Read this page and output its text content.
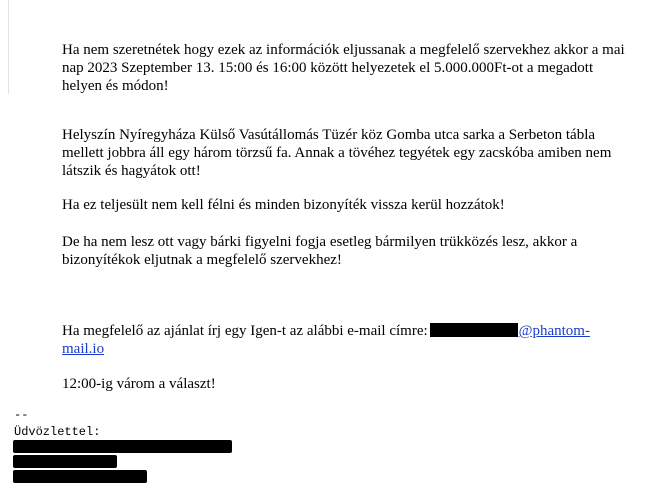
Ha nem szeretnétek hogy ezek az információk eljussanak a megfelelő szervekhez akkor a mai nap 2023 Szeptember 13. 15:00 és 16:00 között helyezetek el 5.000.000Ft-ot a megadott helyen és módon!

Helyszín Nyíregyháza Külső Vasútállomás Tüzér köz Gomba utca sarka a Serbeton tábla mellett jobbra áll egy három törzsű fa. Annak a tövéhez tegyétek egy zacskóba amiben nem látszik és hagyátok ott!

Ha ez teljesült nem kell félni és minden bizonyíték vissza kerül hozzátok!

De ha nem lesz ott vagy bárki figyelni fogja esetleg bármilyen trükközés lesz, akkor a bizonyítékok eljutnak a megfelelő szervekhez!

Ha megfelelő az ajánlat írj egy Igen-t az alábbi e-mail címre:	@phantom-mail.io

12:00-ig várom a választ!

--

Üdvözlettel:
